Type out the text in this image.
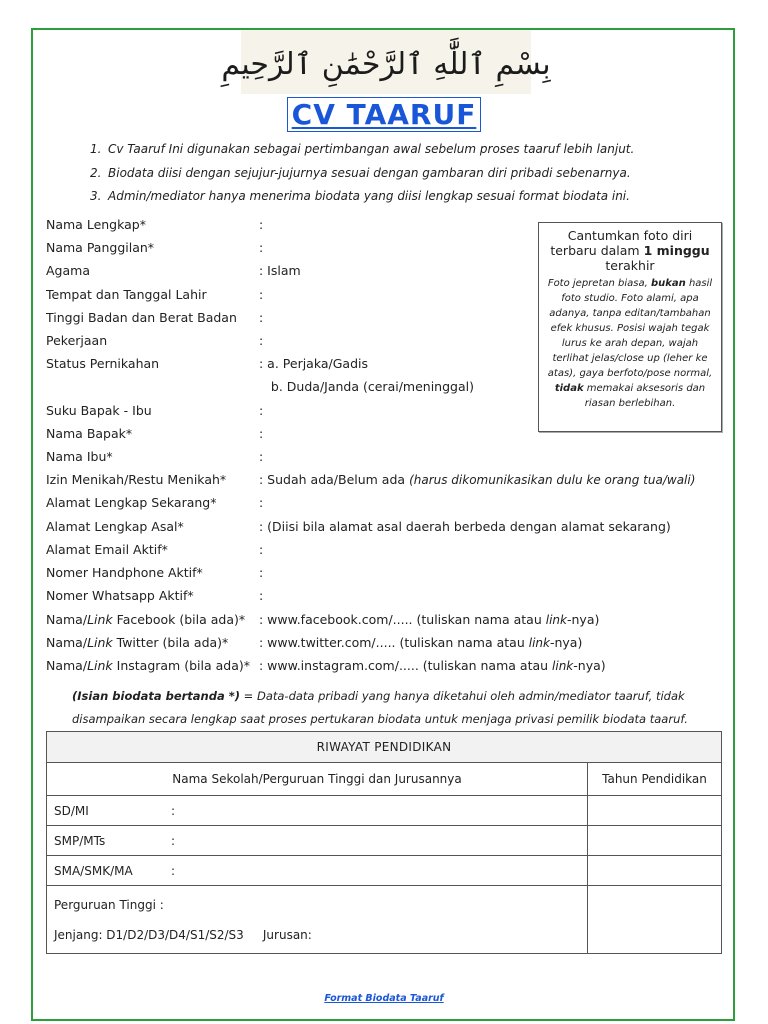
بِسْمِ ٱللَّٰهِ ٱلرَّحْمَٰنِ ٱلرَّحِيمِ
CV TAARUF
1. Cv Taaruf Ini digunakan sebagai pertimbangan awal sebelum proses taaruf lebih lanjut.
2. Biodata diisi dengan sejujur-jujurnya sesuai dengan gambaran diri pribadi sebenarnya.
3. Admin/mediator hanya menerima biodata yang diisi lengkap sesuai format biodata ini.
Nama Lengkap*	:
Nama Panggilan*	:
Agama	: Islam
Tempat dan Tanggal Lahir	:
Tinggi Badan dan Berat Badan :
Pekerjaan	:
Status Pernikahan	: a. Perjaka/Gadis
b. Duda/Janda (cerai/meninggal)
Suku Bapak - Ibu	:
Nama Bapak*	:
Nama Ibu*	:
Izin Menikah/Restu Menikah*	: Sudah ada/Belum ada (harus dikomunikasikan dulu ke orang tua/wali)
Alamat Lengkap Sekarang*	:
Alamat Lengkap Asal*	: (Diisi bila alamat asal daerah berbeda dengan alamat sekarang)
Alamat Email Aktif*	:
Nomer Handphone Aktif*	:
Nomer Whatsapp Aktif*	:
Nama/Link Facebook (bila ada)* : www.facebook.com/..... (tuliskan nama atau link-nya)
Nama/Link Twitter (bila ada)* : www.twitter.com/..... (tuliskan nama atau link-nya)
Nama/Link Instagram (bila ada)* : www.instagram.com/..... (tuliskan nama atau link-nya)
Cantumkan foto diri terbaru dalam 1 minggu terakhir
Foto jepretan biasa, bukan hasil foto studio. Foto alami, apa adanya, tanpa editan/tambahan efek khusus. Posisi wajah tegak lurus ke arah depan, wajah terlihat jelas/close up (leher ke atas), gaya berfoto/pose normal, tidak memakai aksesoris dan riasan berlebihan.
(Isian biodata bertanda *) = Data-data pribadi yang hanya diketahui oleh admin/mediator taaruf, tidak disampaikan secara lengkap saat proses pertukaran biodata untuk menjaga privasi pemilik biodata taaruf.
RIWAYAT PENDIDIKAN	
Nama Sekolah/Perguruan Tinggi dan Jurusannya	Tahun Pendidikan
SD/MI :	
SMP/MTs :	
SMA/SMK/MA :	

Perguruan Tinggi :
Jenjang: D1/D2/D3/D4/S1/S2/S3 Jurusan:	

Format Biodata Taaruf
